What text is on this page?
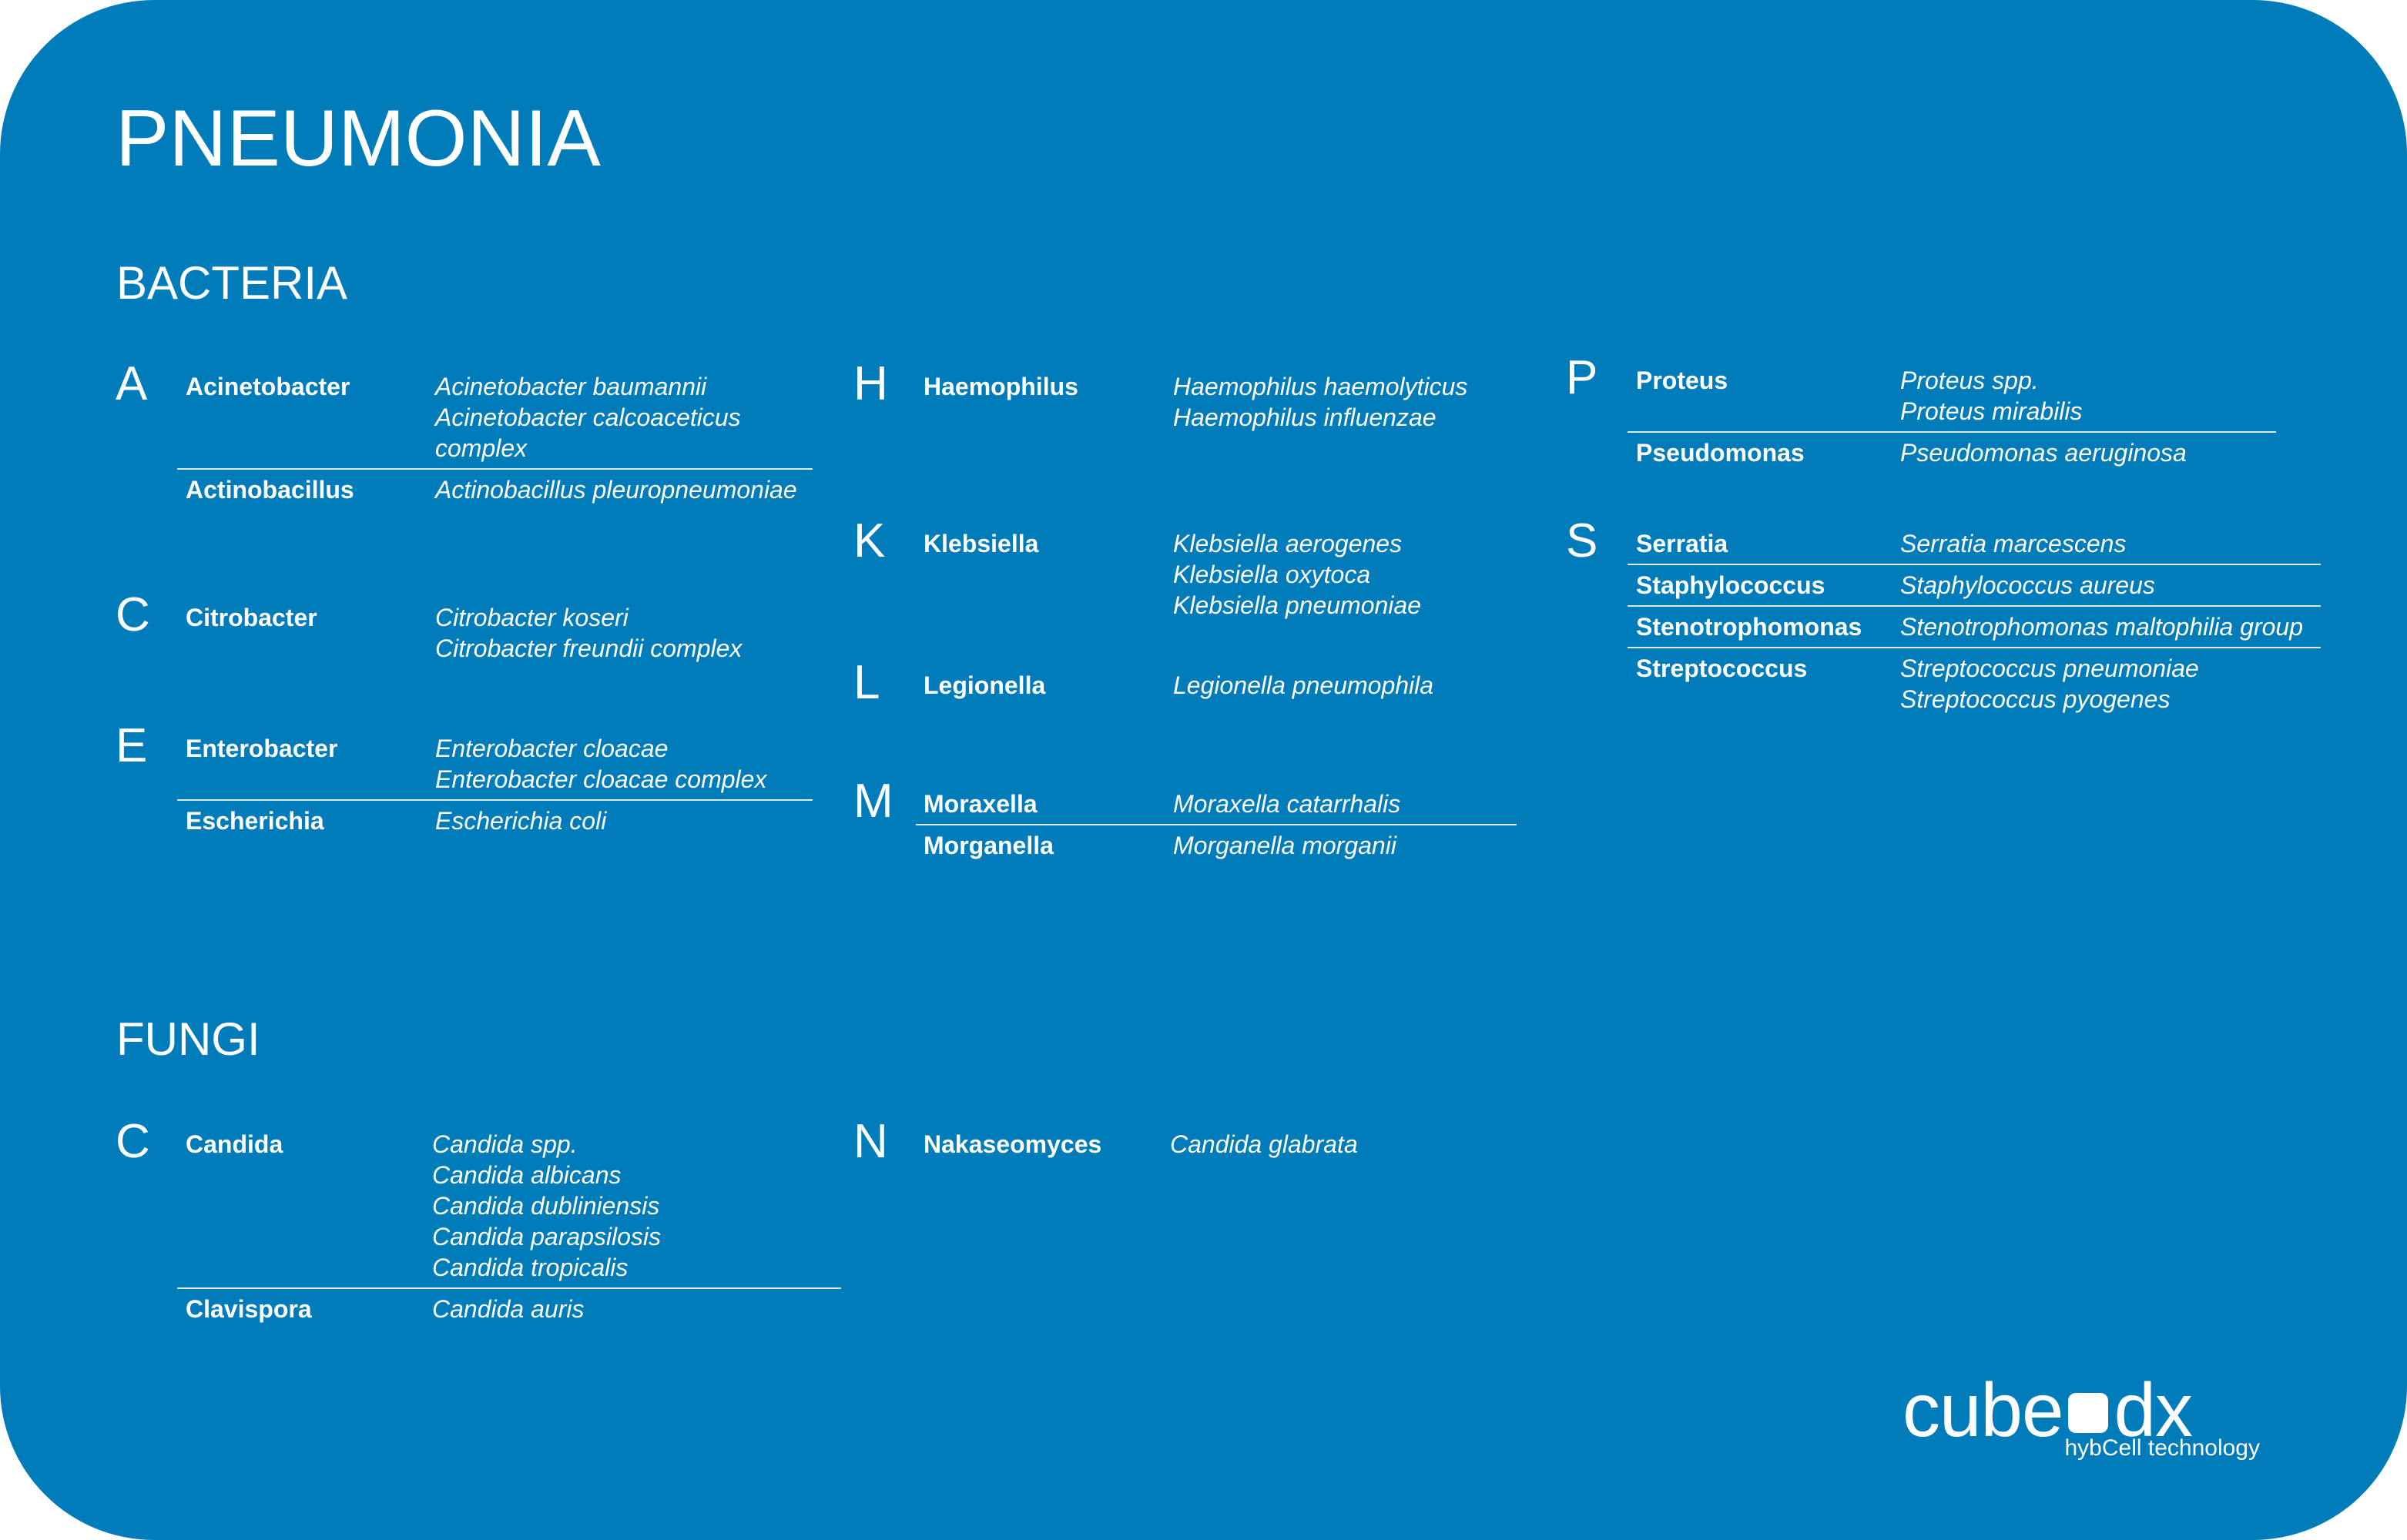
PNEUMONIA
BACTERIA
FUNGI
A Acinetobacter	Acinetobacter baumannii
Acinetobacter calcoaceticus
complex
Actinobacillus	Actinobacillus pleuropneumoniae
C Citrobacter	Citrobacter koseri
Citrobacter freundii complex
E Enterobacter	Enterobacter cloacae
Enterobacter cloacae complex
Escherichia	Escherichia coli
H Haemophilus	Haemophilus haemolyticus
Haemophilus influenzae
K Klebsiella	Klebsiella aerogenes
Klebsiella oxytoca
Klebsiella pneumoniae
L Legionella	Legionella pneumophila
M Moraxella	Moraxella catarrhalis
Morganella	Morganella morganii
P Proteus	Proteus spp.
Proteus mirabilis
Pseudomonas	Pseudomonas aeruginosa
S Serratia	Serratia marcescens
Staphylococcus	Staphylococcus aureus
Stenotrophomonas Stenotrophomonas maltophilia group
Streptococcus	Streptococcus pneumoniae
Streptococcus pyogenes
C Candida	Candida spp.
Candida albicans
Candida dubliniensis
Candida parapsilosis
Candida tropicalis
Clavispora	Candida auris
N Nakaseomyces	Candida glabrata
cube dx
hybCell technology
